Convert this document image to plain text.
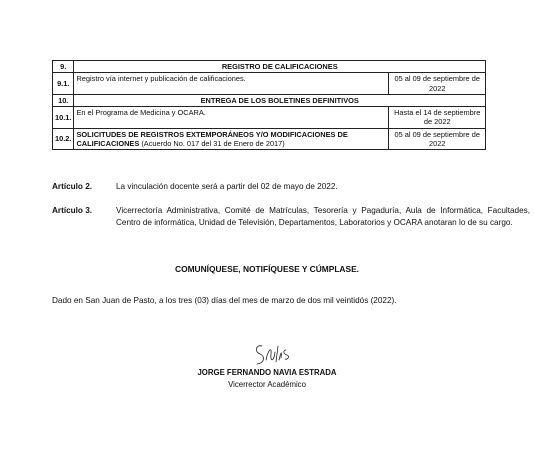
9.	REGISTRO DE CALIFICACIONES	
9.1.	Registro vía internet y publicación de calificaciones.	05 al 09 de septiembre de 2022
10.	ENTREGA DE LOS BOLETINES DEFINITIVOS	
10.1.	En el Programa de Medicina y OCARA.	Hasta el 14 de septiembre de 2022
10.2.	SOLICITUDES DE REGISTROS EXTEMPORÁNEOS Y/O MODIFICACIONES DE CALIFICACIONES (Acuerdo No. 017 del 31 de Enero de 2017)	05 al 09 de septiembre de 2022
Artículo 2.	La vinculación docente será a partir del 02 de mayo de 2022.
Artículo 3.	Vicerrectoría Administrativa, Comité de Matrículas, Tesorería y Pagaduría, Aula de Informática, Facultades, Centro de informática, Unidad de Televisión, Departamentos, Laboratorios y OCARA anotaran lo de su cargo.
COMUNÍQUESE, NOTIFÍQUESE Y CÚMPLASE.
Dado en San Juan de Pasto, a los tres (03) días del mes de marzo de dos mil veintidós (2022).
JORGE FERNANDO NAVIA ESTRADA
Vicerrector Académico
